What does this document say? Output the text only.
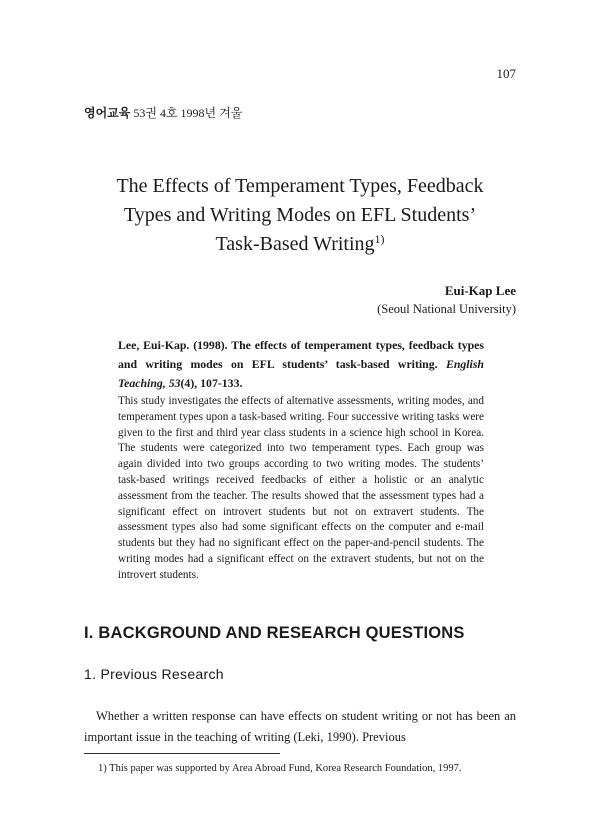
107
영어교육 53권 4호 1998년 겨울
The Effects of Temperament Types, Feedback
Types and Writing Modes on EFL Students’
Task-Based Writing$^{1)}$
Eui-Kap Lee
(Seoul National University)
Lee, Eui-Kap. (1998). The effects of temperament types, feedback types and writing modes on EFL students’ task-based writing. English Teaching, 53(4), 107-133.
This study investigates the effects of alternative assessments, writing modes, and temperament types upon a task-based writing. Four successive writing tasks were given to the first and third year class students in a science high school in Korea. The students were categorized into two temperament types. Each group was again divided into two groups according to two writing modes. The students’ task-based writings received feedbacks of either a holistic or an analytic assessment from the teacher. The results showed that the assessment types had a significant effect on introvert students but not on extravert students. The assessment types also had some significant effects on the computer and e-mail students but they had no significant effect on the paper-and-pencil students. The writing modes had a significant effect on the extravert students, but not on the introvert students.
I. BACKGROUND AND RESEARCH QUESTIONS
1. Previous Research
Whether a written response can have effects on student writing or not has been an important issue in the teaching of writing (Leki, 1990). Previous
1) This paper was supported by Area Abroad Fund, Korea Research Foundation, 1997.
